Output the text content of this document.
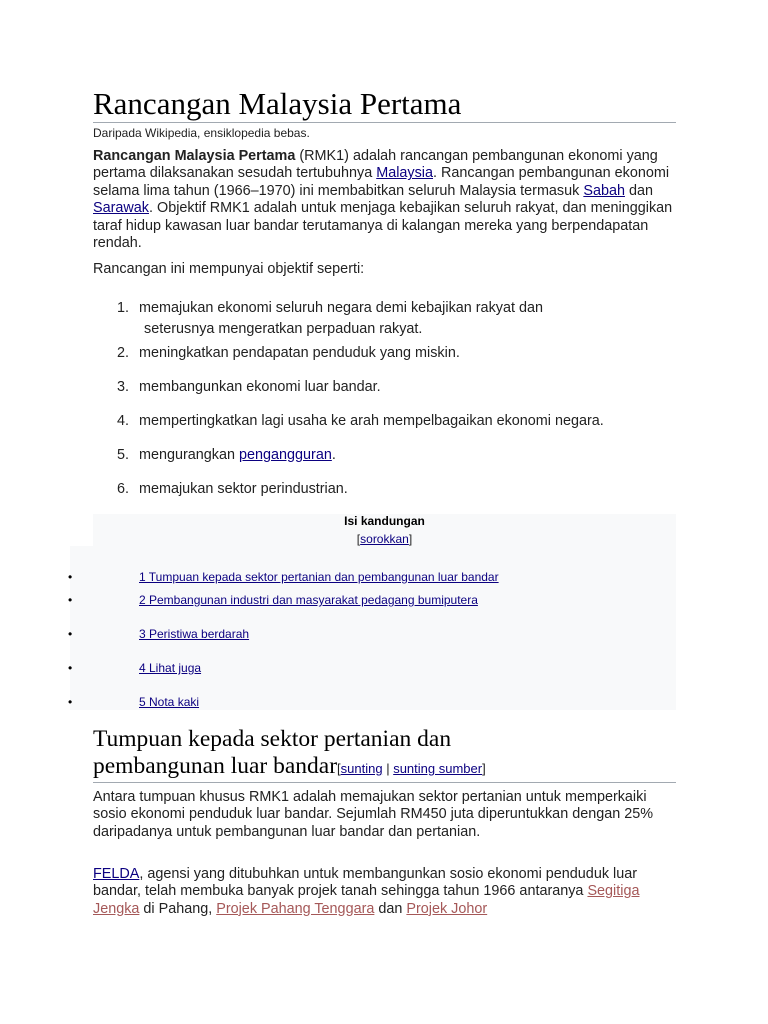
Rancangan Malaysia Pertama
Daripada Wikipedia, ensiklopedia bebas.
Rancangan Malaysia Pertama (RMK1) adalah rancangan pembangunan ekonomi yang pertama dilaksanakan sesudah tertubuhnya Malaysia. Rancangan pembangunan ekonomi selama lima tahun (1966–1970) ini membabitkan seluruh Malaysia termasuk Sabah dan Sarawak. Objektif RMK1 adalah untuk menjaga kebajikan seluruh rakyat, dan meninggikan taraf hidup kawasan luar bandar terutamanya di kalangan mereka yang berpendapatan rendah.
Rancangan ini mempunyai objektif seperti:
1. memajukan ekonomi seluruh negara demi kebajikan rakyat dan
seterusnya mengeratkan perpaduan rakyat.
2. meningkatkan pendapatan penduduk yang miskin.
3. membangunkan ekonomi luar bandar.
4. mempertingkatkan lagi usaha ke arah mempelbagaikan ekonomi negara.
5. mengurangkan pengangguran.
6. memajukan sektor perindustrian.
Isi kandungan
[sorokkan]
•	1 Tumpuan kepada sektor pertanian dan pembangunan luar bandar
•	2 Pembangunan industri dan masyarakat pedagang bumiputera
•	3 Peristiwa berdarah
•	4 Lihat juga
•	5 Nota kaki
Tumpuan kepada sektor pertanian dan
pembangunan luar bandar[sunting | sunting sumber]
Antara tumpuan khusus RMK1 adalah memajukan sektor pertanian untuk memperkaiki sosio ekonomi penduduk luar bandar. Sejumlah RM450 juta diperuntukkan dengan 25% daripadanya untuk pembangunan luar bandar dan pertanian.
FELDA, agensi yang ditubuhkan untuk membangunkan sosio ekonomi penduduk luar bandar, telah membuka banyak projek tanah sehingga tahun 1966 antaranya Segitiga Jengka di Pahang, Projek Pahang Tenggara dan Projek Johor
